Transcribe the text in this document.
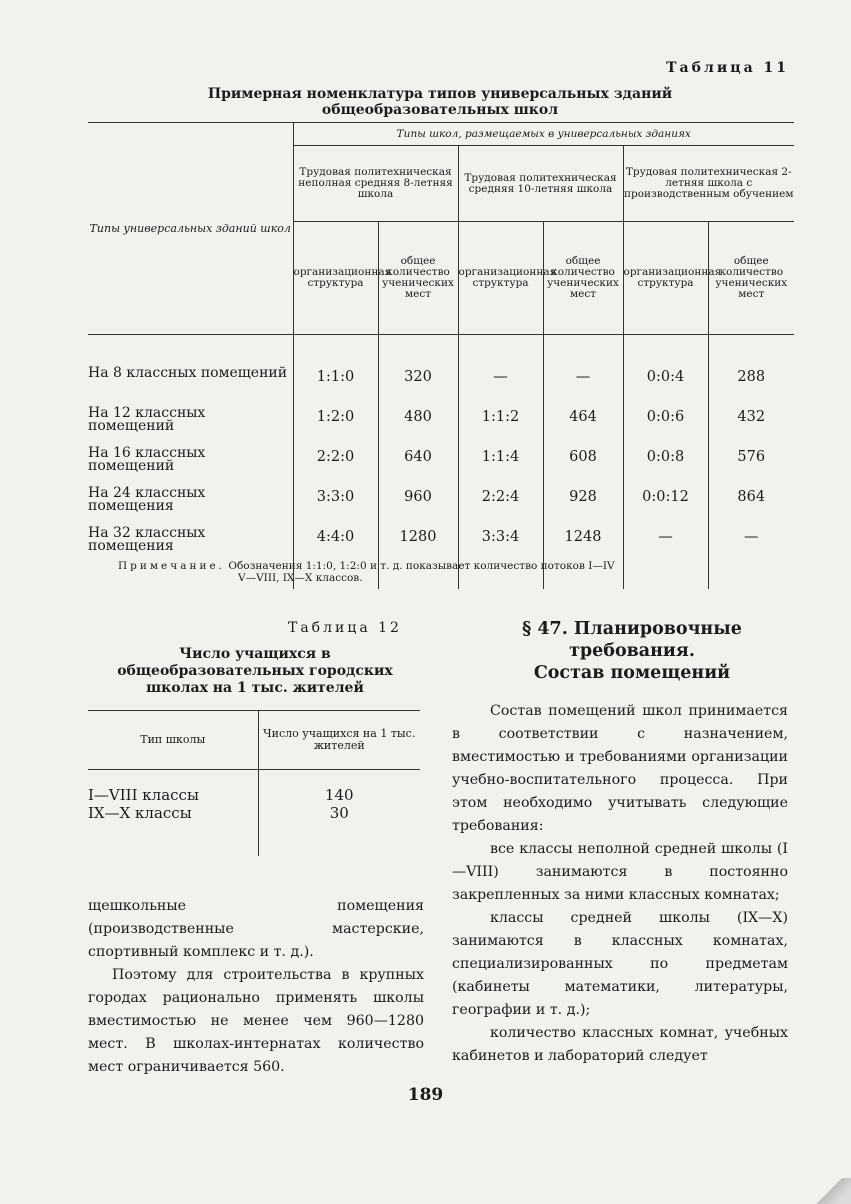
Таблица 11
Примерная номенклатура типов универсальных зданий
общеобразовательных школ
Типы универсальных зданий школ	Типы школ, размещаемых в универсальных зданиях					
	Трудовая политехническая неполная средняя 8-летняя школа		Трудовая политехническая средняя 10-летняя школа		Трудовая политехническая 2-летняя школа с производственным обучением	
	организационная структура	общее количество ученических мест	организационная структура	общее количество ученических мест	организационная структура	общее количество ученических мест

На 8 классных помещений	1:1:0	320	—	—	0:0:4	288
На 12 классных помещений	1:2:0	480	1:1:2	464	0:0:6	432
На 16 классных помещений	2:2:0	640	1:1:4	608	0:0:8	576
На 24 классных помещения	3:3:0	960	2:2:4	928	0:0:12	864
На 32 классных помещения	4:4:0	1280	3:3:4	1248	—	—

Примечание. Обозначения 1:1:0, 1:2:0 и т. д. показывает количество потоков I—IV
V—VIII, IX—X классов.
Таблица 12
Число учащихся в общеобразовательных городских школах на 1 тыс. жителей
Тип школы	Число учащихся на 1 тыс. жителей

I—VIII классы	140
IX—X классы	30

щешкольные помещения (производственные мастерские, спортивный комплекс и т. д.).

Поэтому для строительства в крупных городах рационально применять школы вместимостью не менее чем 960—1280 мест. В школах-интернатах количество мест ограничивается 560.

§ 47. Планировочные
требования.
Состав помещений

Состав помещений школ принимается в соответствии с назначением, вместимостью и требованиями организации учебно-воспитательного процесса. При этом необходимо учитывать следующие требования:

все классы неполной средней школы (I—VIII) занимаются в постоянно закрепленных за ними классных комнатах;

классы средней школы (IX—X) занимаются в классных комнатах, специализированных по предметам (кабинеты математики, литературы, географии и т. д.);

количество классных комнат, учебных кабинетов и лабораторий следует

189
